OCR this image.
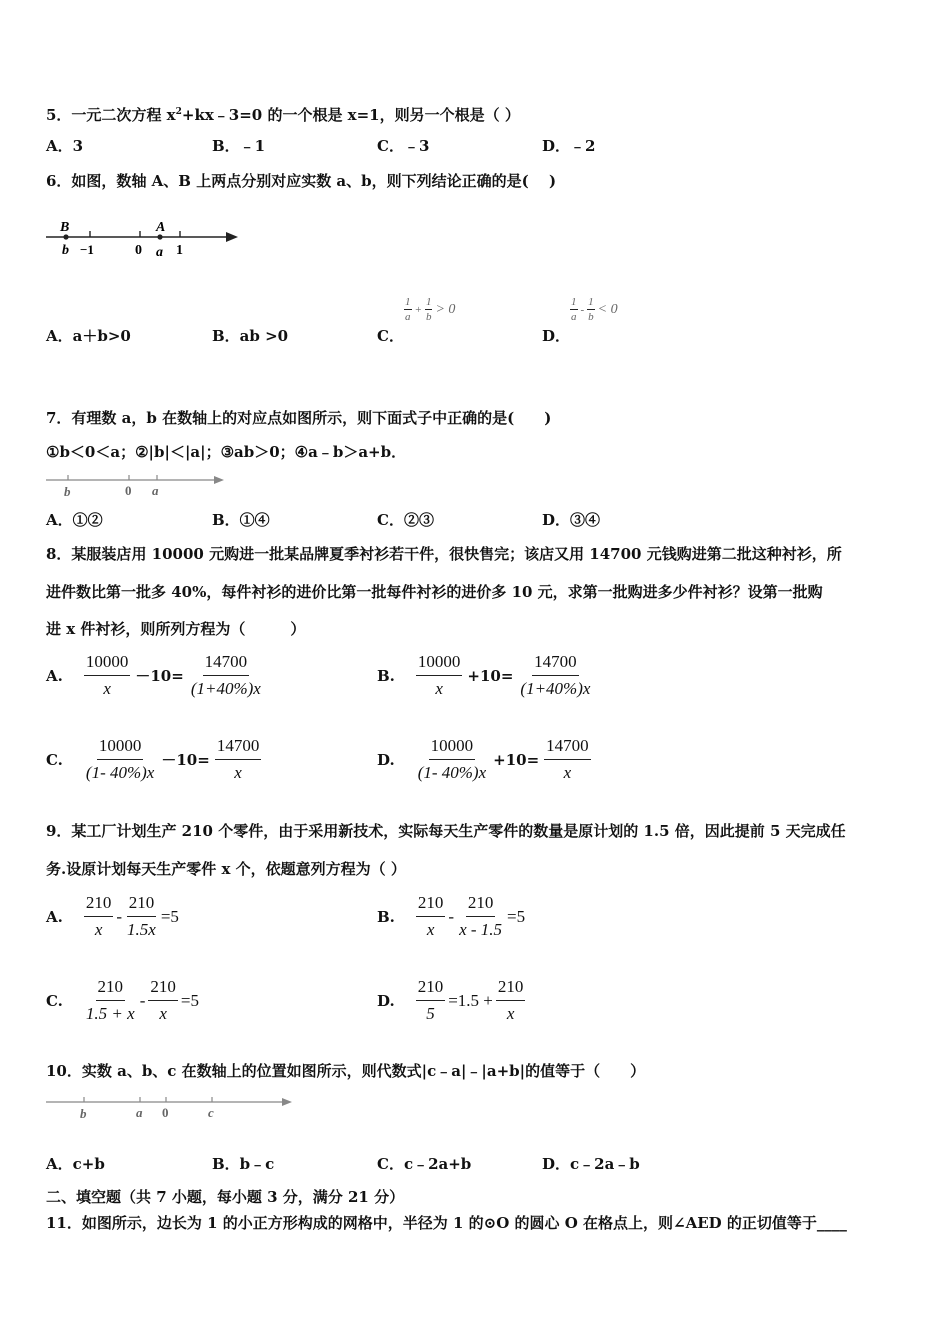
5．一元二次方程 $x^2+kx﹣3=0$ 的一个根是 x=1，则另一个根是（ ）
A．3	B．﹣1	C．﹣3	D．﹣2
6．如图，数轴 A、B 上两点分别对应实数 a、b，则下列结论正确的是(　 )
B	A
b −1	0 a 1
A．a＋b>0	B．ab >0	C．	D．
$\frac{1}{a} + \frac{1}{b} > 0$	$\frac{1}{a} - \frac{1}{b} < 0$
7．有理数 a，b 在数轴上的对应点如图所示，则下面式子中正确的是(　　)
①b＜0＜a；②|b|＜|a|；③ab＞0；④a﹣b＞a+b．
b	0 a
A．①②	B．①④	C．②③	D．③④
8．某服装店用 10000 元购进一批某品牌夏季衬衫若干件，很快售完；该店又用 14700 元钱购进第二批这种衬衫，所
进件数比第一批多 40%，每件衬衫的进价比第一批每件衬衫的进价多 10 元，求第一批购进多少件衬衫？设第一批购
进 x 件衬衫，则所列方程为（　　　）
A. $\frac{10000}{x} -10= \frac{14700}{(1+40\%)x}$	B. $\frac{10000}{x} +10= \frac{14700}{(1+40\%)x}$
C. $\frac{10000}{(1- 40\%)x} -10= \frac{14700}{x}$	D. $\frac{10000}{(1- 40\%)x} +10= \frac{14700}{x}$
9．某工厂计划生产 210 个零件，由于采用新技术，实际每天生产零件的数量是原计划的 1.5 倍，因此提前 5 天完成任
务.设原计划每天生产零件 x 个，依题意列方程为（ ）
A. $\frac{210}{x} - \frac{210}{1.5x} =5$	B. $\frac{210}{x} - \frac{210}{x - 1.5} =5$
C. $\frac{210}{1.5 + x} - \frac{210}{x} =5$	D. $\frac{210}{5} =1.5 + \frac{210}{x}$
10．实数 a、b、c 在数轴上的位置如图所示，则代数式|c﹣a|﹣|a+b|的值等于（　　）
b	a 0	c
A．c+b	B．b﹣c	C．c﹣2a+b	D．c﹣2a﹣b
二、填空题（共 7 小题，每小题 3 分，满分 21 分）
11．如图所示，边长为 1 的小正方形构成的网格中，半径为 1 的⊙O 的圆心 O 在格点上，则∠AED 的正切值等于____
